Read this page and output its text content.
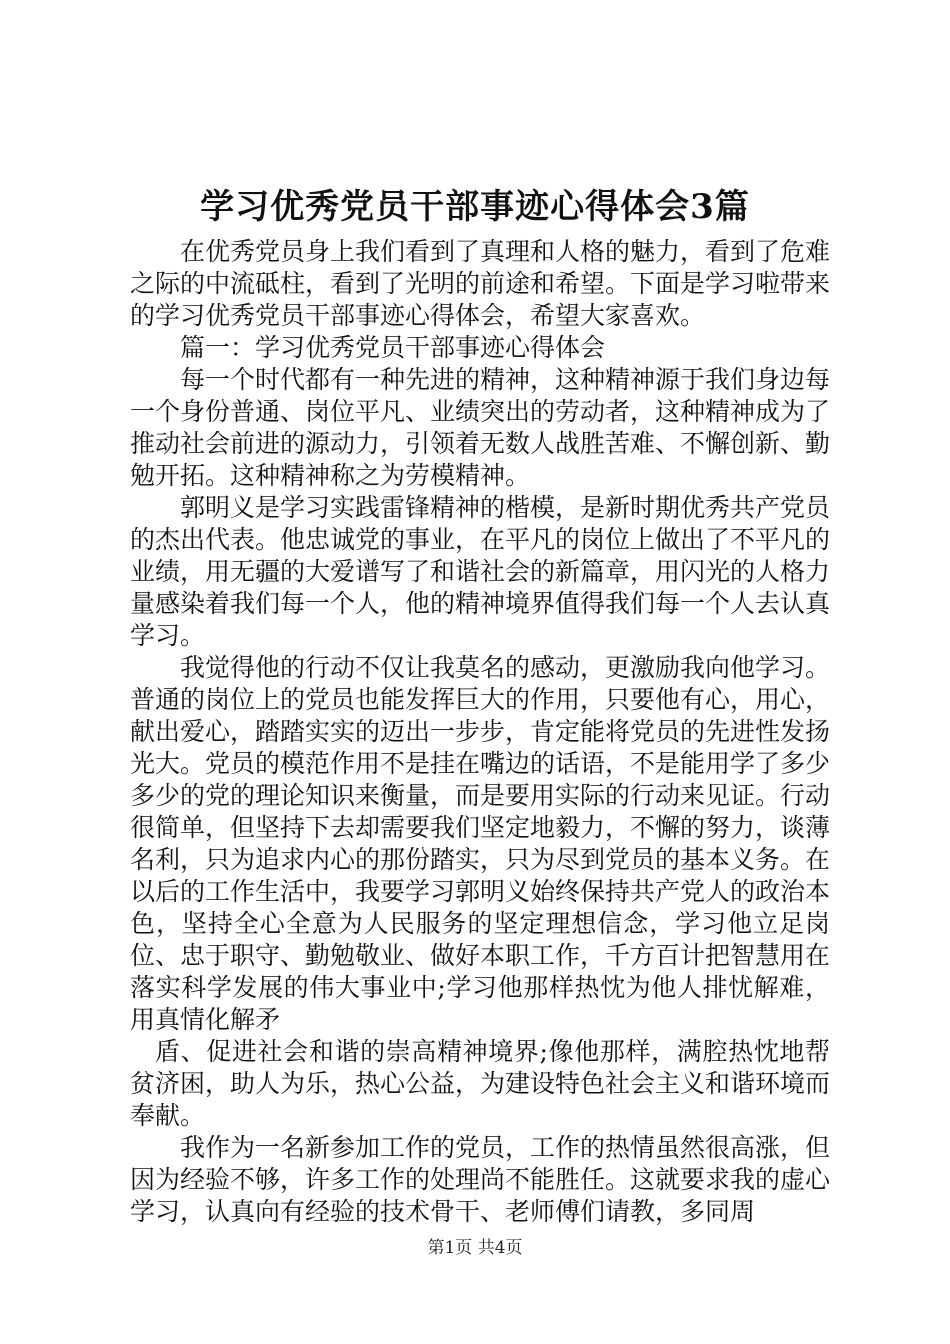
学习优秀党员干部事迹心得体会3篇

在优秀党员身上我们看到了真理和人格的魅力，看到了危难之际的中流砥柱，看到了光明的前途和希望。下面是学习啦带来的学习优秀党员干部事迹心得体会，希望大家喜欢。

篇一：学习优秀党员干部事迹心得体会

每一个时代都有一种先进的精神，这种精神源于我们身边每一个身份普通、岗位平凡、业绩突出的劳动者，这种精神成为了推动社会前进的源动力，引领着无数人战胜苦难、不懈创新、勤勉开拓。这种精神称之为劳模精神。

郭明义是学习实践雷锋精神的楷模，是新时期优秀共产党员的杰出代表。他忠诚党的事业，在平凡的岗位上做出了不平凡的业绩，用无疆的大爱谱写了和谐社会的新篇章，用闪光的人格力量感染着我们每一个人，他的精神境界值得我们每一个人去认真学习。

我觉得他的行动不仅让我莫名的感动，更激励我向他学习。普通的岗位上的党员也能发挥巨大的作用，只要他有心，用心，献出爱心，踏踏实实的迈出一步步，肯定能将党员的先进性发扬光大。党员的模范作用不是挂在嘴边的话语，不是能用学了多少多少的党的理论知识来衡量，而是要用实际的行动来见证。行动很简单，但坚持下去却需要我们坚定地毅力，不懈的努力，谈薄名利，只为追求内心的那份踏实，只为尽到党员的基本义务。在以后的工作生活中，我要学习郭明义始终保持共产党人的政治本色，坚持全心全意为人民服务的坚定理想信念，学习他立足岗位、忠于职守、勤勉敬业、做好本职工作，千方百计把智慧用在落实科学发展的伟大事业中;学习他那样热忱为他人排忧解难，用真情化解矛

盾、促进社会和谐的崇高精神境界;像他那样，满腔热忱地帮贫济困，助人为乐，热心公益，为建设特色社会主义和谐环境而奉献。

我作为一名新参加工作的党员，工作的热情虽然很高涨，但因为经验不够，许多工作的处理尚不能胜任。这就要求我的虚心学习，认真向有经验的技术骨干、老师傅们请教，多同周

第1页 共4页
